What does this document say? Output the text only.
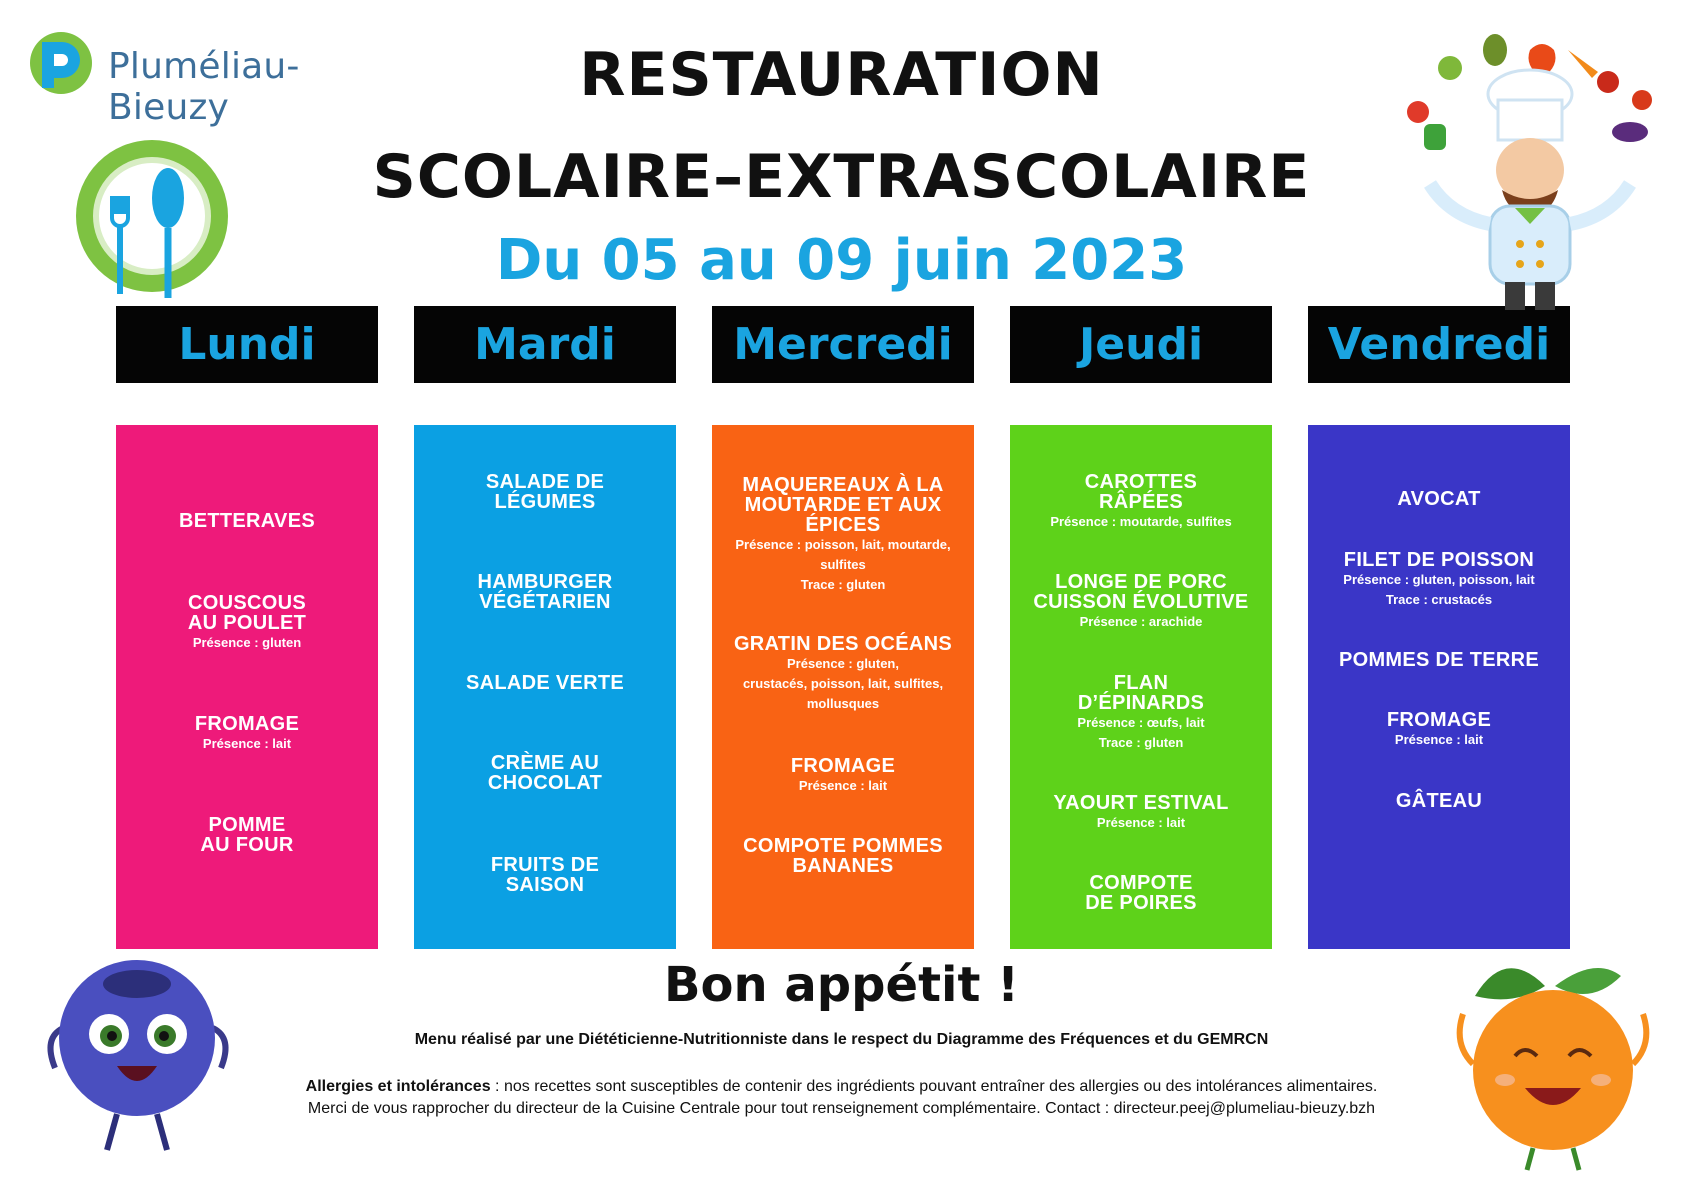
Pluméliau-Bieuzy	RESTAURATION
SCOLAIRE–EXTRASCOLAIRE
Du 05 au 09 juin 2023
Lundi	Mardi	Mercredi	Jeudi	Vendredi
BETTERAVES
COUSCOUS
AU POULET
Présence : gluten
FROMAGE
Présence : lait
POMME
AU FOUR
SALADE DE
LÉGUMES
HAMBURGER
VÉGÉTARIEN
SALADE VERTE
CRÈME AU
CHOCOLAT
FRUITS DE
SAISON
MAQUEREAUX À LA
MOUTARDE ET AUX
ÉPICES
Présence : poisson, lait, moutarde,
sulfites
Trace : gluten
GRATIN DES OCÉANS
Présence : gluten,
crustacés, poisson, lait, sulfites,
mollusques
FROMAGE
Présence : lait
COMPOTE POMMES
BANANES
CAROTTES
RÂPÉES
Présence : moutarde, sulfites
LONGE DE PORC
CUISSON ÉVOLUTIVE
Présence : arachide
FLAN
D’ÉPINARDS
Présence : œufs, lait
Trace : gluten
YAOURT ESTIVAL
Présence : lait
COMPOTE
DE POIRES
AVOCAT
FILET DE POISSON
Présence : gluten, poisson, lait
Trace : crustacés
POMMES DE TERRE
FROMAGE
Présence : lait
GÂTEAU
Bon appétit !
Menu réalisé par une Diététicienne-Nutritionniste dans le respect du Diagramme des Fréquences et du GEMRCN
Allergies et intolérances : nos recettes sont susceptibles de contenir des ingrédients pouvant entraîner des allergies ou des intolérances alimentaires.
Merci de vous rapprocher du directeur de la Cuisine Centrale pour tout renseignement complémentaire. Contact : directeur.peej@plumeliau-bieuzy.bzh
